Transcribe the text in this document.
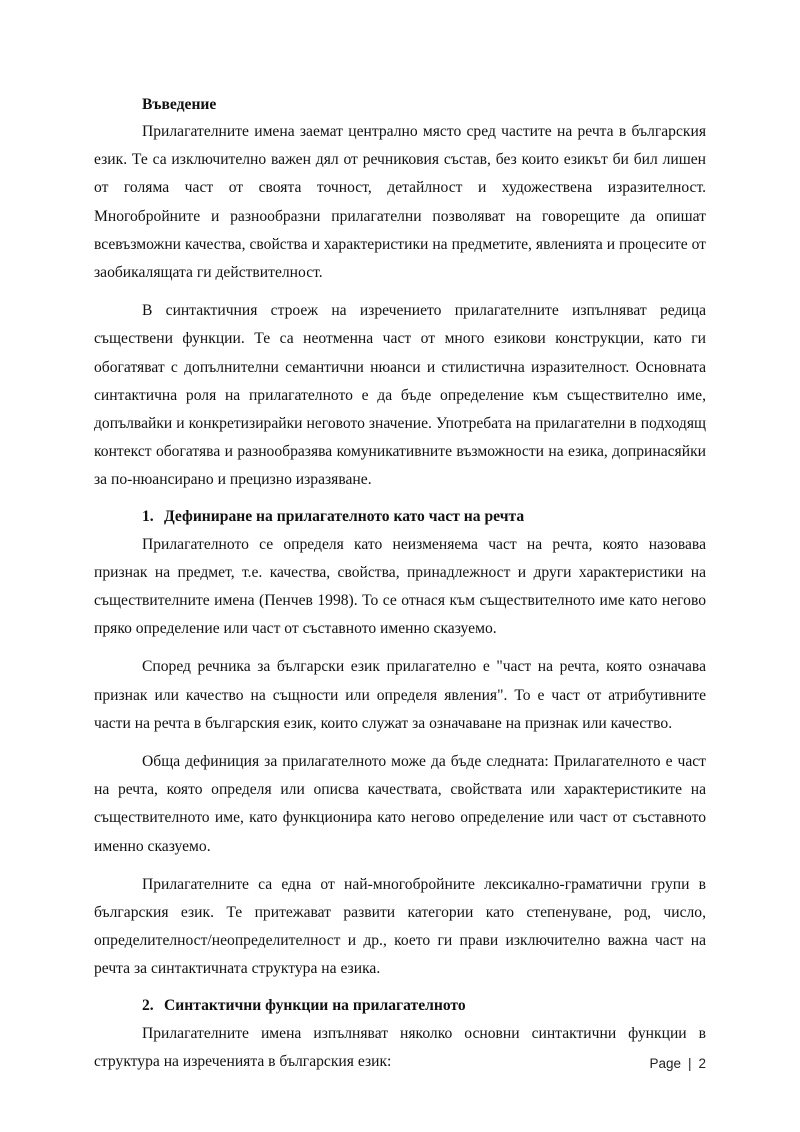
Въведение

Прилагателните имена заемат централно място сред частите на речта в българския език. Те са изключително важен дял от речниковия състав, без които езикът би бил лишен от голяма част от своята точност, детайлност и художествена изразителност. Многобройните и разнообразни прилагателни позволяват на говорещите да опишат всевъзможни качества, свойства и характеристики на предметите, явленията и процесите от заобикалящата ги действителност.

В синтактичния строеж на изречението прилагателните изпълняват редица съществени функции. Те са неотменна част от много езикови конструкции, като ги обогатяват с допълнителни семантични нюанси и стилистична изразителност. Основната синтактична роля на прилагателното е да бъде определение към съществително име, допълвайки и конкретизирайки неговото значение. Употребата на прилагателни в подходящ контекст обогатява и разнообразява комуникативните възможности на езика, допринасяйки за по-нюансирано и прецизно изразяване.

1. Дефиниране на прилагателното като част на речта

Прилагателното се определя като неизменяема част на речта, която назовава признак на предмет, т.е. качества, свойства, принадлежност и други характеристики на съществителните имена (Пенчев 1998). То се отнася към съществителното име като негово пряко определение или част от съставното именно сказуемо.

Според речника за български език прилагателно е "част на речта, която означава признак или качество на същности или определя явления". То е част от атрибутивните части на речта в българския език, които служат за означаване на признак или качество.

Обща дефиниция за прилагателното може да бъде следната: Прилагателното е част на речта, която определя или описва качествата, свойствата или характеристиките на съществителното име, като функционира като негово определение или част от съставното именно сказуемо.

Прилагателните са една от най-многобройните лексикално-граматични групи в българския език. Те притежават развити категории като степенуване, род, число, определителност/неопределителност и др., което ги прави изключително важна част на речта за синтактичната структура на езика.

2. Синтактични функции на прилагателното

Прилагателните имена изпълняват няколко основни синтактични функции в структура на изреченията в българския език:	Page | 2
